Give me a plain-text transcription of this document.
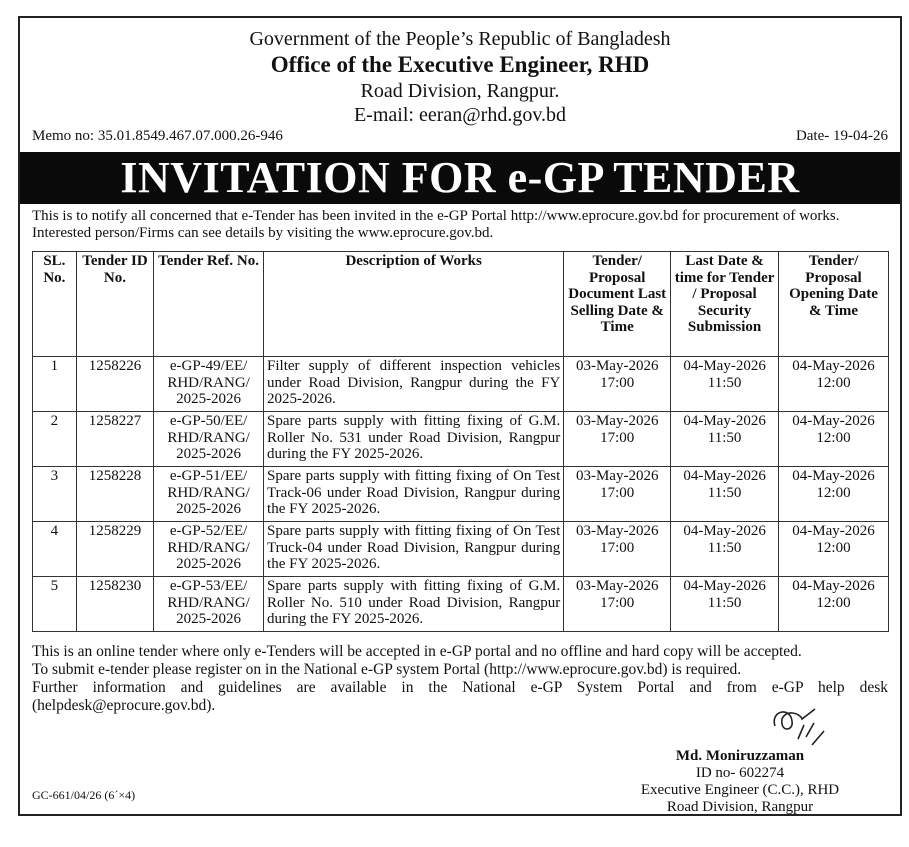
Government of the People’s Republic of Bangladesh
Office of the Executive Engineer, RHD
Road Division, Rangpur.
E-mail: eeran@rhd.gov.bd
Memo no: 35.01.8549.467.07.000.26-946	Date- 19-04-26
INVITATION FOR e-GP TENDER
This is to notify all concerned that e-Tender has been invited in the e-GP Portal http://www.eprocure.gov.bd for procurement of works. Interested person/Firms can see details by visiting the www.eprocure.gov.bd.
SL. No.	Tender ID No.	Tender Ref. No.	Description of Works	Tender/ Proposal Document Last Selling Date & Time	Last Date & time for Tender / Proposal Security Submission	Tender/ Proposal Opening Date & Time
1	1258226	e-GP-49/EE/ RHD/RANG/ 2025-2026	Filter supply of different inspection vehicles under Road Division, Rangpur during the FY 2025-2026.	03-May-2026 17:00	04-May-2026 11:50	04-May-2026 12:00
2	1258227	e-GP-50/EE/ RHD/RANG/ 2025-2026	Spare parts supply with fitting fixing of G.M. Roller No. 531 under Road Division, Rangpur during the FY 2025-2026.	03-May-2026 17:00	04-May-2026 11:50	04-May-2026 12:00
3	1258228	e-GP-51/EE/ RHD/RANG/ 2025-2026	Spare parts supply with fitting fixing of On Test Track-06 under Road Division, Rangpur during the FY 2025-2026.	03-May-2026 17:00	04-May-2026 11:50	04-May-2026 12:00
4	1258229	e-GP-52/EE/ RHD/RANG/ 2025-2026	Spare parts supply with fitting fixing of On Test Truck-04 under Road Division, Rangpur during the FY 2025-2026.	03-May-2026 17:00	04-May-2026 11:50	04-May-2026 12:00
5	1258230	e-GP-53/EE/ RHD/RANG/ 2025-2026	Spare parts supply with fitting fixing of G.M. Roller No. 510 under Road Division, Rangpur during the FY 2025-2026.	03-May-2026 17:00	04-May-2026 11:50	04-May-2026 12:00
This is an online tender where only e-Tenders will be accepted in e-GP portal and no offline and hard copy will be accepted.
To submit e-tender please register on in the National e-GP system Portal (http://www.eprocure.gov.bd) is required.
Further information and guidelines are available in the National e-GP System Portal and from e-GP help desk (helpdesk@eprocure.gov.bd).
Md. Moniruzzaman
ID no- 602274
Executive Engineer (C.C.), RHD
Road Division, Rangpur
GC-661/04/26 (6´×4)
